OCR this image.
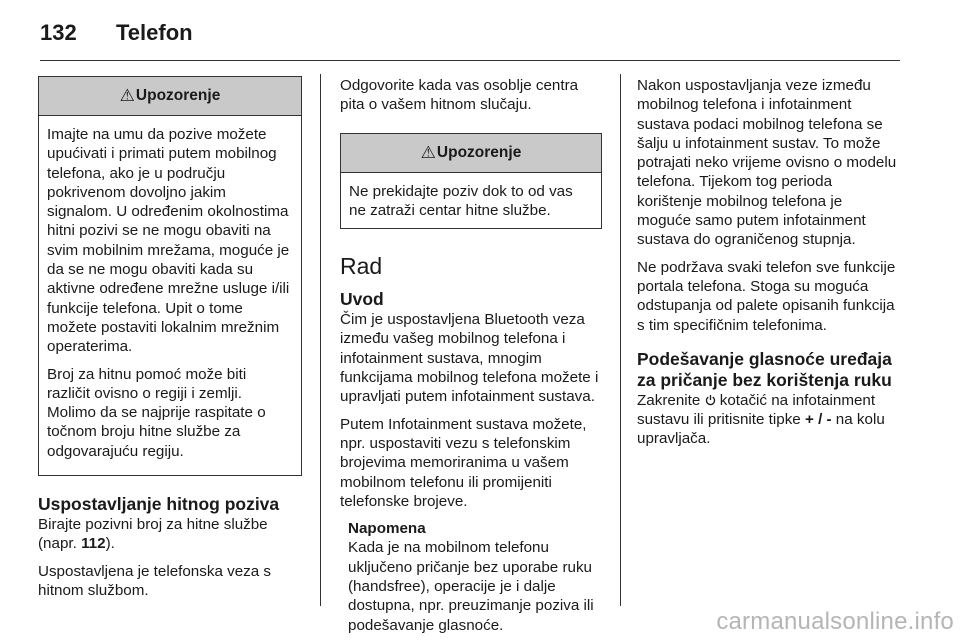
132 Telefon
⚠ Upozorenje

Imajte na umu da pozive možete upućivati i primati putem mobilnog telefona, ako je u području pokrivenom dovoljno jakim signalom. U određenim okolnostima hitni pozivi se ne mogu obaviti na svim mobilnim mrežama, moguće je da se ne mogu obaviti kada su aktivne određene mrežne usluge i/ili funkcije telefona. Upit o tome možete postaviti lokalnim mrežnim operaterima.

Broj za hitnu pomoć može biti različit ovisno o regiji i zemlji. Molimo da se najprije raspitate o točnom broju hitne službe za odgovarajuću regiju.

Uspostavljanje hitnog poziva

Birajte pozivni broj za hitne službe (napr. 112).

Uspostavljena je telefonska veza s hitnom službom.

Odgovorite kada vas osoblje centra pita o vašem hitnom slučaju.

⚠ Upozorenje

Ne prekidajte poziv dok to od vas ne zatraži centar hitne službe.

Rad
Uvod

Čim je uspostavljena Bluetooth veza između vašeg mobilnog telefona i infotainment sustava, mnogim funkcijama mobilnog telefona možete i upravljati putem infotainment sustava.

Putem Infotainment sustava možete, npr. uspostaviti vezu s telefonskim brojevima memoriranima u vašem mobilnom telefonu ili promijeniti telefonske brojeve.

Napomena
Kada je na mobilnom telefonu uključeno pričanje bez uporabe ruku (handsfree), operacije je i dalje dostupna, npr. preuzimanje poziva ili podešavanje glasnoće.

Nakon uspostavljanja veze između mobilnog telefona i infotainment sustava podaci mobilnog telefona se šalju u infotainment sustav. To može potrajati neko vrijeme ovisno o modelu telefona. Tijekom tog perioda korištenje mobilnog telefona je moguće samo putem infotainment sustava do ograničenog stupnja.

Ne podržava svaki telefon sve funkcije portala telefona. Stoga su moguća odstupanja od palete opisanih funkcija s tim specifičnim telefonima.

Podešavanje glasnoće uređaja za pričanje bez korištenja ruku

Zakrenite  kotačić na infotainment sustavu ili pritisnite tipke + / - na kolu upravljača.

carmanualsonline.info
